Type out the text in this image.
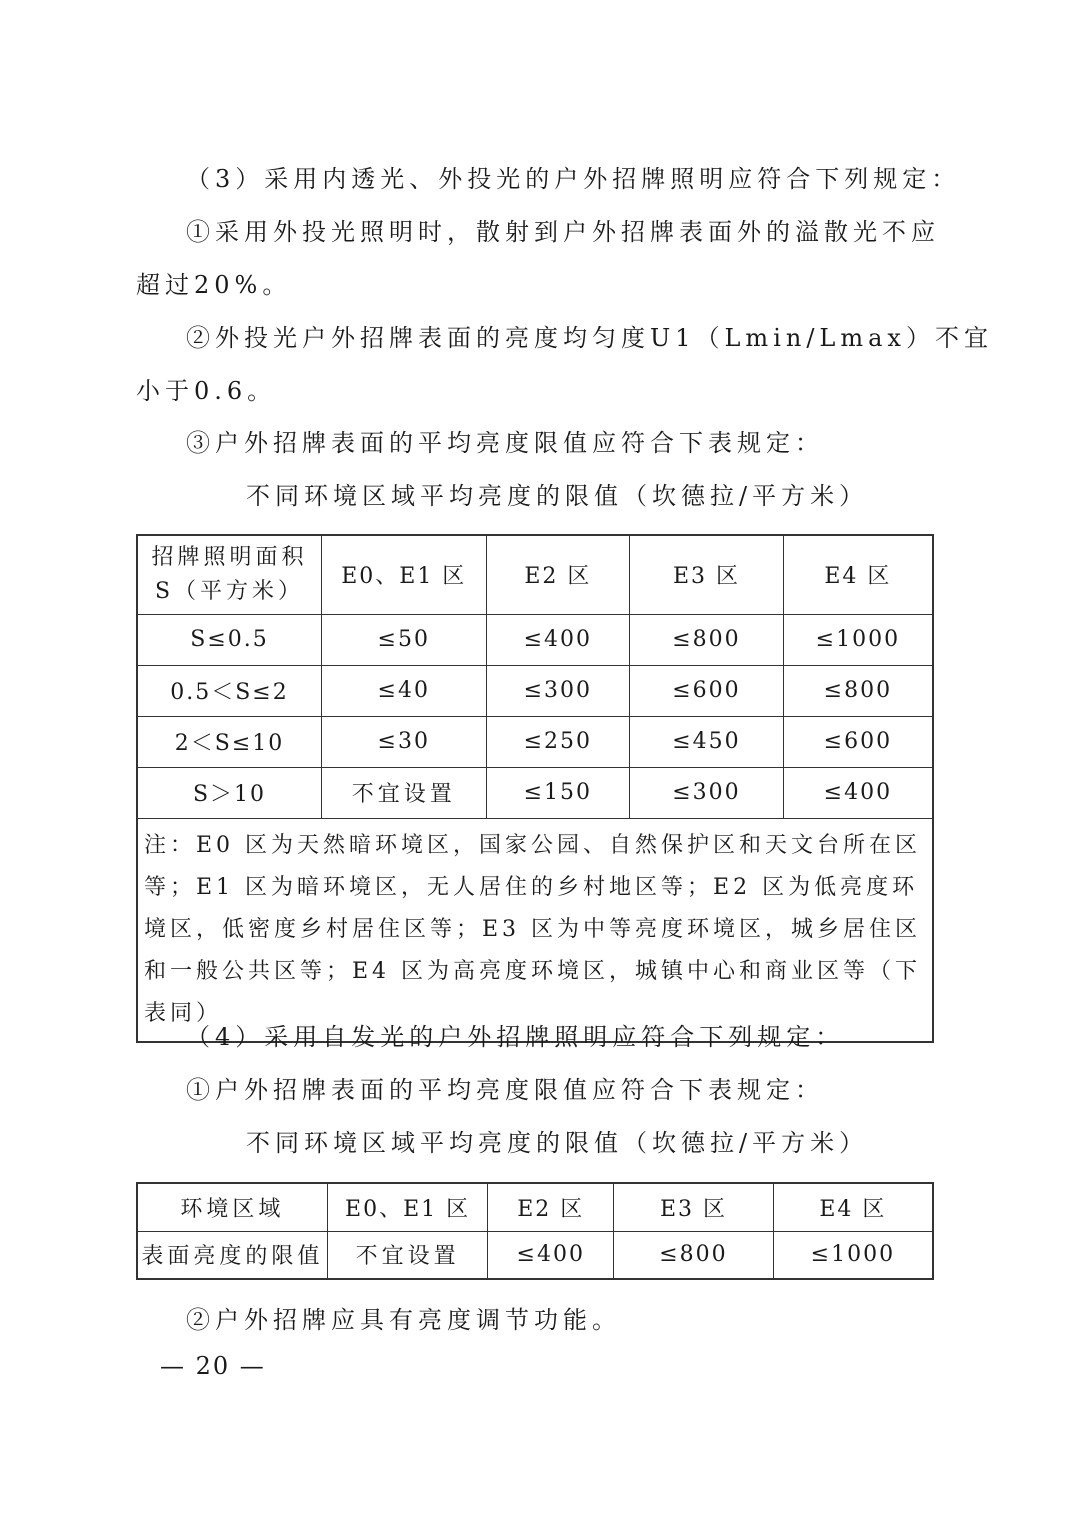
（3）采用内透光、外投光的户外招牌照明应符合下列规定：
①采用外投光照明时，散射到户外招牌表面外的溢散光不应
超过20%。
②外投光户外招牌表面的亮度均匀度U1（Lmin/Lmax）不宜
小于0.6。
③户外招牌表面的平均亮度限值应符合下表规定：
不同环境区域平均亮度的限值（坎德拉/平方米）
招牌照明面积
S（平方米）	E0、E1 区	E2 区	E3 区	E4 区
S≤0.5	≤50	≤400	≤800	≤1000
0.5＜S≤2	≤40	≤300	≤600	≤800
2＜S≤10	≤30	≤250	≤450	≤600
S＞10	不宜设置	≤150	≤300	≤400
注：E0 区为天然暗环境区，国家公园、自然保护区和天文台所在区等；E1 区为暗环境区，无人居住的乡村地区等；E2 区为低亮度环境区，低密度乡村居住区等；E3 区为中等亮度环境区，城乡居住区和一般公共区等；E4 区为高亮度环境区，城镇中心和商业区等（下表同）				
（4）采用自发光的户外招牌照明应符合下列规定：
①户外招牌表面的平均亮度限值应符合下表规定：
不同环境区域平均亮度的限值（坎德拉/平方米）
环境区域	E0、E1 区	E2 区	E3 区	E4 区
表面亮度的限值	不宜设置	≤400	≤800	≤1000
②户外招牌应具有亮度调节功能。
— 20 —
